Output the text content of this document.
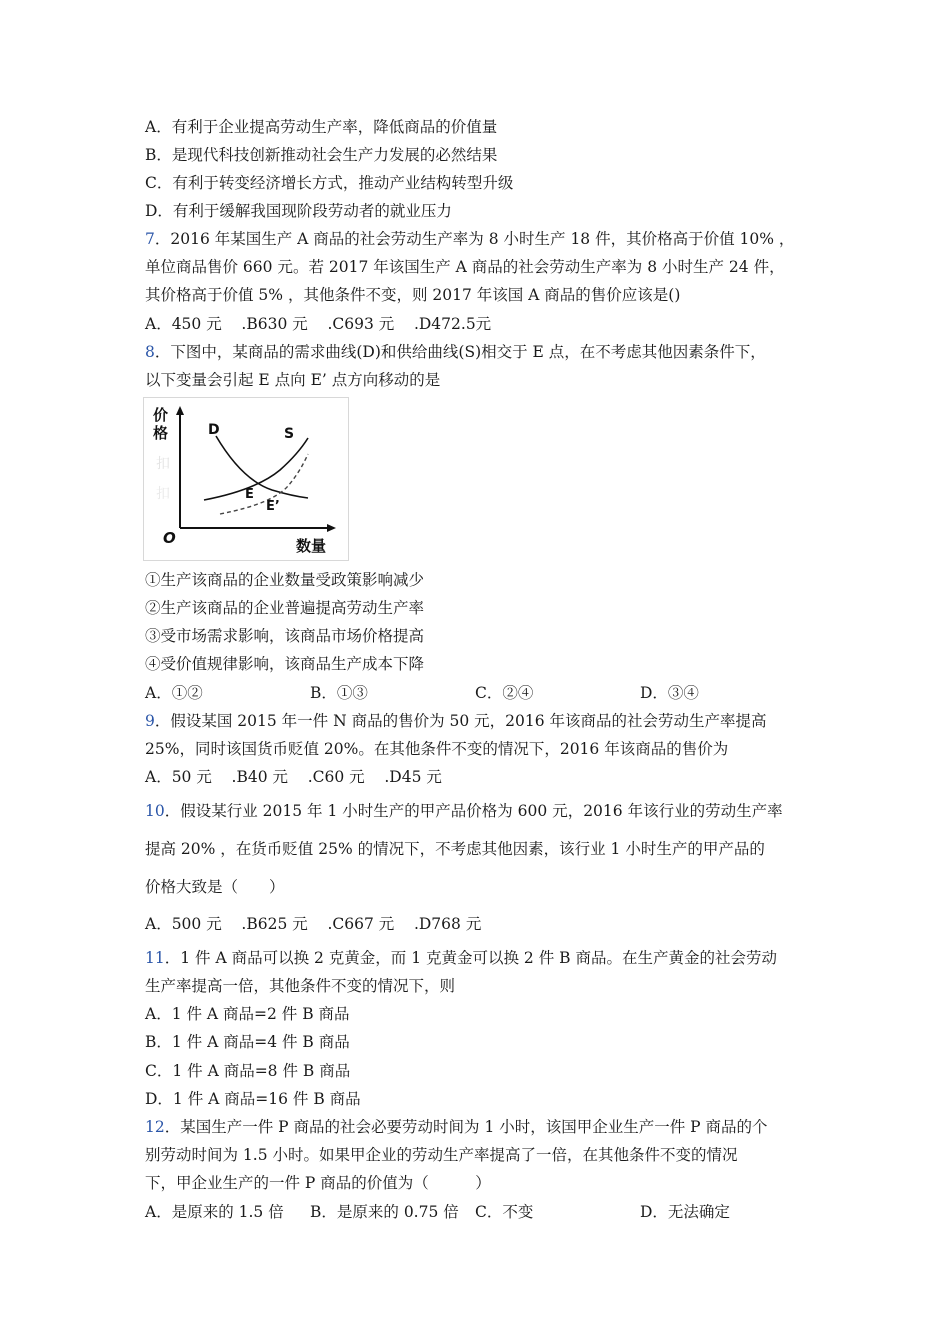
A．有利于企业提高劳动生产率，降低商品的价值量
B．是现代科技创新推动社会生产力发展的必然结果
C．有利于转变经济增长方式，推动产业结构转型升级
D．有利于缓解我国现阶段劳动者的就业压力
7．2016 年某国生产 A 商品的社会劳动生产率为 8 小时生产 18 件，其价格高于价值 10% ，
单位商品售价 660 元。若 2017 年该国生产 A 商品的社会劳动生产率为 8 小时生产 24 件，
其价格高于价值 5% ，其他条件不变，则 2017 年该国 A 商品的售价应该是()
A．450 元    .B630 元    .C693 元    .D472.5元
8．下图中，某商品的需求曲线(D)和供给曲线(S)相交于 E 点，在不考虑其他因素条件下，
以下变量会引起 E 点向 E’ 点方向移动的是
扣
扣
价
格	D	S
E
E’
O	数量
①生产该商品的企业数量受政策影响减少
②生产该商品的企业普遍提高劳动生产率
③受市场需求影响，该商品市场价格提高
④受价值规律影响，该商品生产成本下降
A．①②	B．①③	C．②④	D．③④
9．假设某国 2015 年一件 N 商品的售价为 50 元，2016 年该商品的社会劳动生产率提高
25%，同时该国货币贬值 20%。在其他条件不变的情况下，2016 年该商品的售价为
A．50 元    .B40 元    .C60 元    .D45 元
10．假设某行业 2015 年 1 小时生产的甲产品价格为 600 元，2016 年该行业的劳动生产率
提高 20% ，在货币贬值 25% 的情况下，不考虑其他因素，该行业 1 小时生产的甲产品的
价格大致是（　　）
A．500 元    .B625 元    .C667 元    .D768 元
11．1 件 A 商品可以换 2 克黄金，而 1 克黄金可以换 2 件 B 商品。在生产黄金的社会劳动
生产率提高一倍，其他条件不变的情况下，则
A．1 件 A 商品=2 件 B 商品
B．1 件 A 商品=4 件 B 商品
C．1 件 A 商品=8 件 B 商品
D．1 件 A 商品=16 件 B 商品
12．某国生产一件 P 商品的社会必要劳动时间为 1 小时，该国甲企业生产一件 P 商品的个
别劳动时间为 1.5 小时。如果甲企业的劳动生产率提高了一倍，在其他条件不变的情况
下，甲企业生产的一件 P 商品的价值为（　　　）
A．是原来的 1.5 倍 B．是原来的 0.75 倍 C．不变	D．无法确定
